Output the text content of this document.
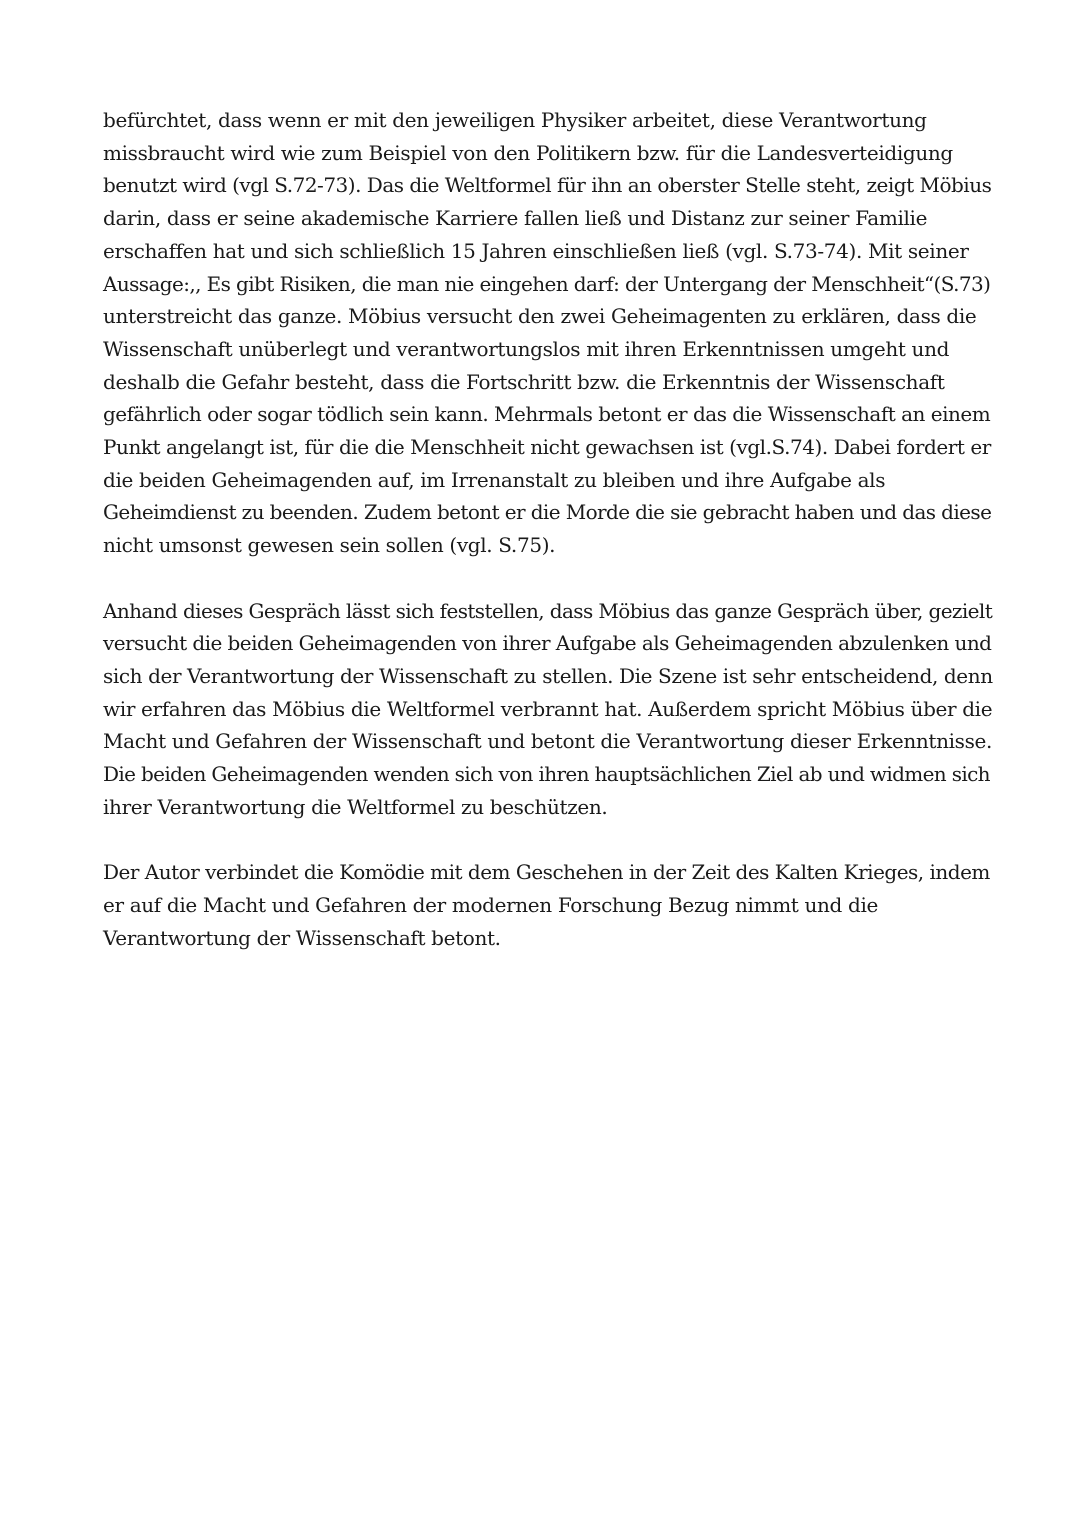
befürchtet, dass wenn er mit den jeweiligen Physiker arbeitet, diese Verantwortung
missbraucht wird wie zum Beispiel von den Politikern bzw. für die Landesverteidigung
benutzt wird (vgl S.72-73). Das die Weltformel für ihn an oberster Stelle steht, zeigt Möbius
darin, dass er seine akademische Karriere fallen ließ und Distanz zur seiner Familie
erschaffen hat und sich schließlich 15 Jahren einschließen ließ (vgl. S.73-74). Mit seiner
Aussage:,, Es gibt Risiken, die man nie eingehen darf: der Untergang der Menschheit“(S.73)
unterstreicht das ganze. Möbius versucht den zwei Geheimagenten zu erklären, dass die
Wissenschaft unüberlegt und verantwortungslos mit ihren Erkenntnissen umgeht und
deshalb die Gefahr besteht, dass die Fortschritt bzw. die Erkenntnis der Wissenschaft
gefährlich oder sogar tödlich sein kann. Mehrmals betont er das die Wissenschaft an einem
Punkt angelangt ist, für die die Menschheit nicht gewachsen ist (vgl.S.74). Dabei fordert er
die beiden Geheimagenden auf, im Irrenanstalt zu bleiben und ihre Aufgabe als
Geheimdienst zu beenden. Zudem betont er die Morde die sie gebracht haben und das diese
nicht umsonst gewesen sein sollen (vgl. S.75).
Anhand dieses Gespräch lässt sich feststellen, dass Möbius das ganze Gespräch über, gezielt
versucht die beiden Geheimagenden von ihrer Aufgabe als Geheimagenden abzulenken und
sich der Verantwortung der Wissenschaft zu stellen. Die Szene ist sehr entscheidend, denn
wir erfahren das Möbius die Weltformel verbrannt hat. Außerdem spricht Möbius über die
Macht und Gefahren der Wissenschaft und betont die Verantwortung dieser Erkenntnisse.
Die beiden Geheimagenden wenden sich von ihren hauptsächlichen Ziel ab und widmen sich
ihrer Verantwortung die Weltformel zu beschützen.
Der Autor verbindet die Komödie mit dem Geschehen in der Zeit des Kalten Krieges, indem
er auf die Macht und Gefahren der modernen Forschung Bezug nimmt und die
Verantwortung der Wissenschaft betont.
